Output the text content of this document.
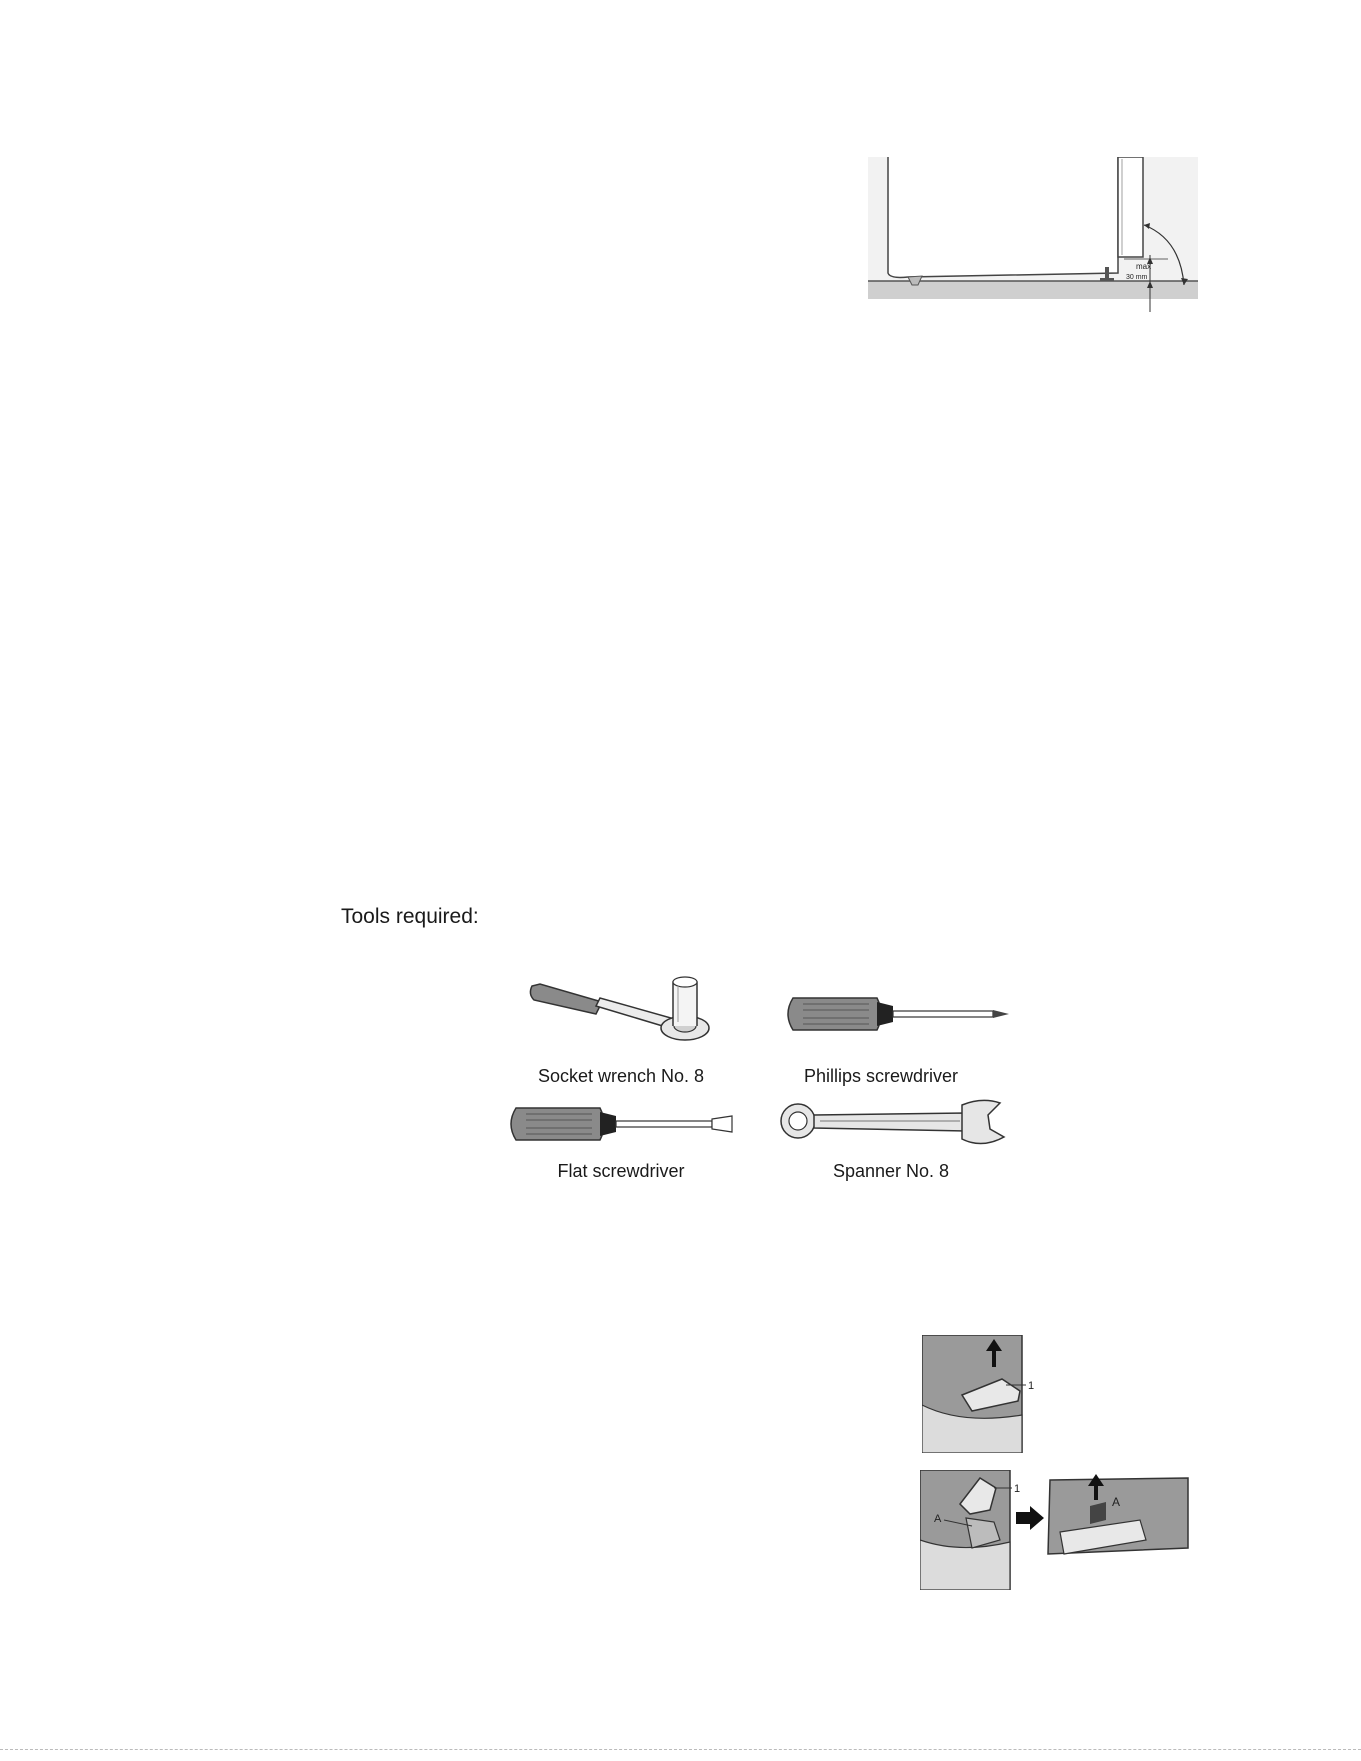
max
30 mm
Tools required:
Socket wrench No. 8	Phillips screwdriver
Flat screwdriver	Spanner No. 8
1
A
1
A
